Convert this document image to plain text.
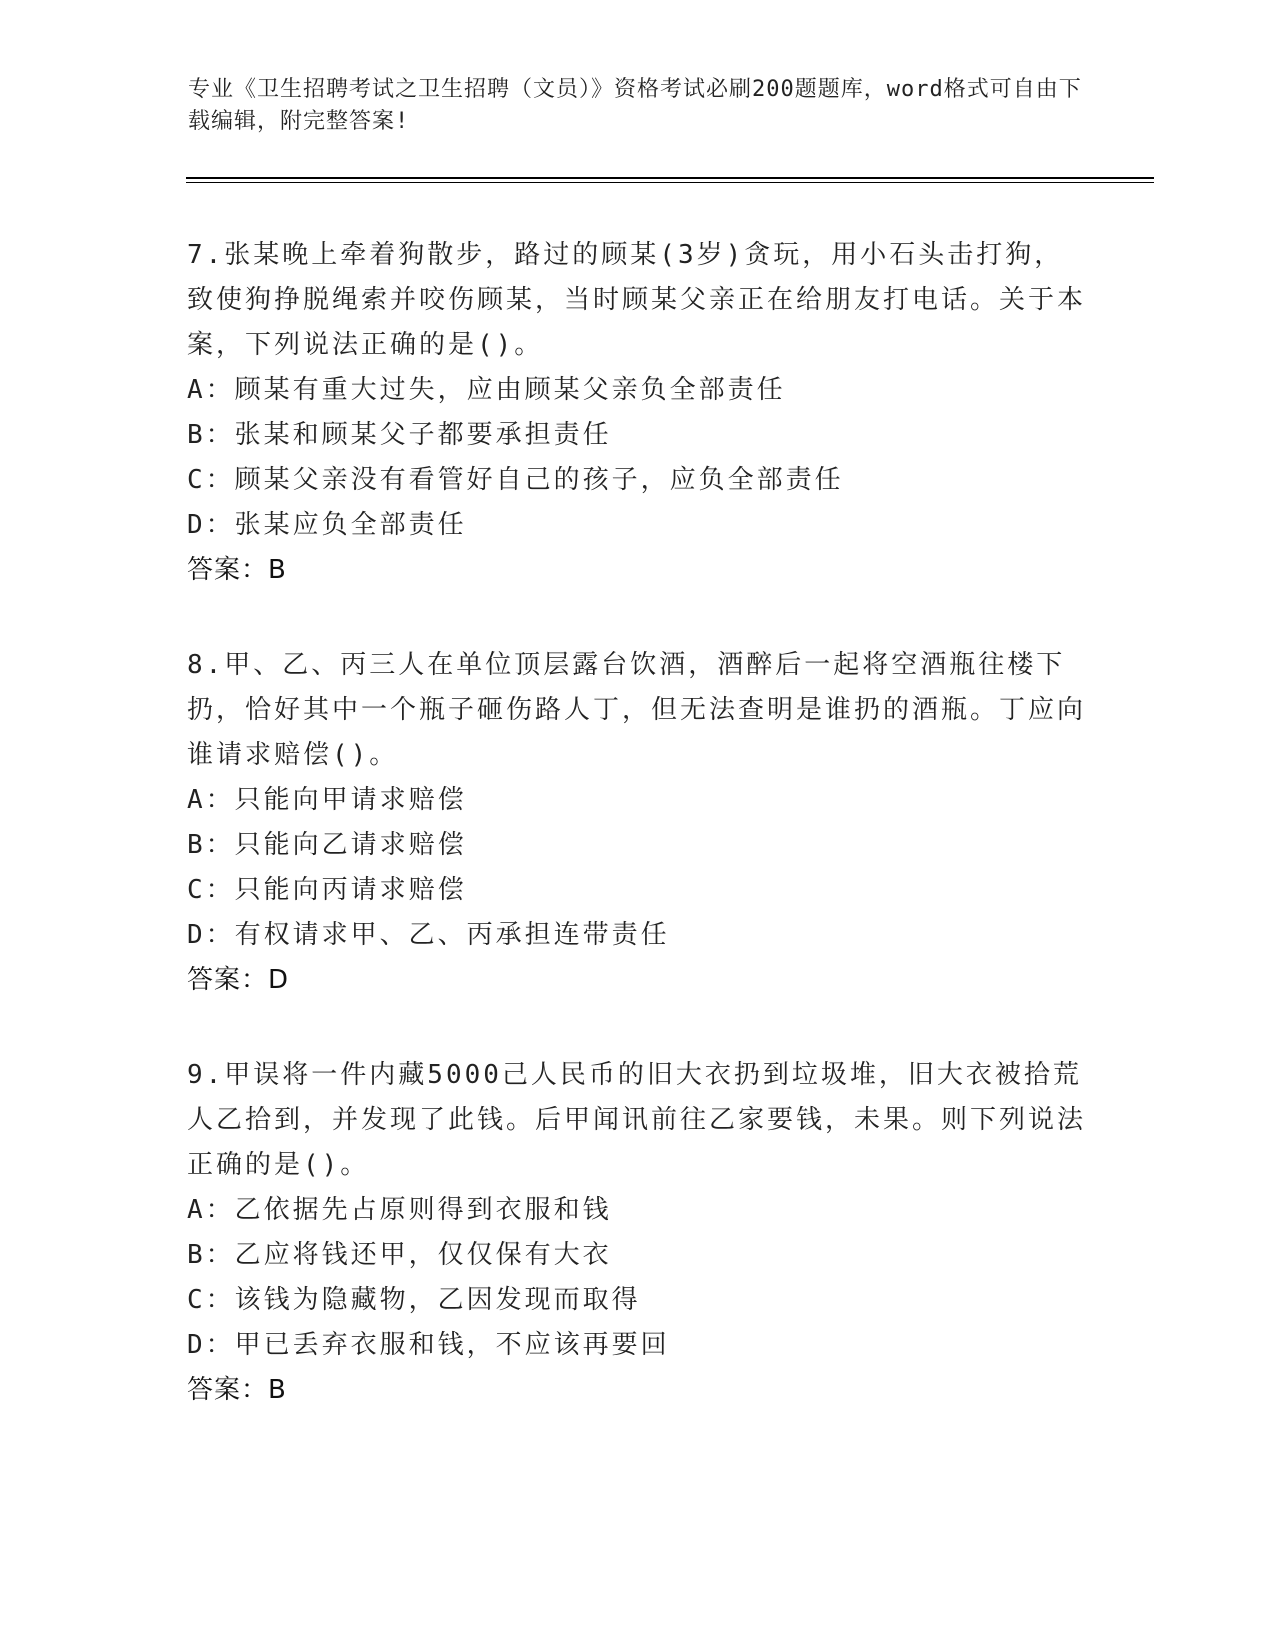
专业《卫生招聘考试之卫生招聘（文员）》资格考试必刷200题题库，word格式可自由下载编辑，附完整答案!
7.张某晚上牵着狗散步，路过的顾某(3岁)贪玩，用小石头击打狗，致使狗挣脱绳索并咬伤顾某，当时顾某父亲正在给朋友打电话。关于本案，下列说法正确的是()。
A：顾某有重大过失，应由顾某父亲负全部责任
B：张某和顾某父子都要承担责任
C：顾某父亲没有看管好自己的孩子，应负全部责任
D：张某应负全部责任
答案：B
8.甲、乙、丙三人在单位顶层露台饮酒，酒醉后一起将空酒瓶往楼下扔，恰好其中一个瓶子砸伤路人丁，但无法查明是谁扔的酒瓶。丁应向谁请求赔偿()。
A：只能向甲请求赔偿
B：只能向乙请求赔偿
C：只能向丙请求赔偿
D：有权请求甲、乙、丙承担连带责任
答案：D
9.甲误将一件内藏5000己人民币的旧大衣扔到垃圾堆，旧大衣被拾荒人乙拾到，并发现了此钱。后甲闻讯前往乙家要钱，未果。则下列说法正确的是()。
A：乙依据先占原则得到衣服和钱
B：乙应将钱还甲，仅仅保有大衣
C：该钱为隐藏物，乙因发现而取得
D：甲已丢弃衣服和钱，不应该再要回
答案：B
